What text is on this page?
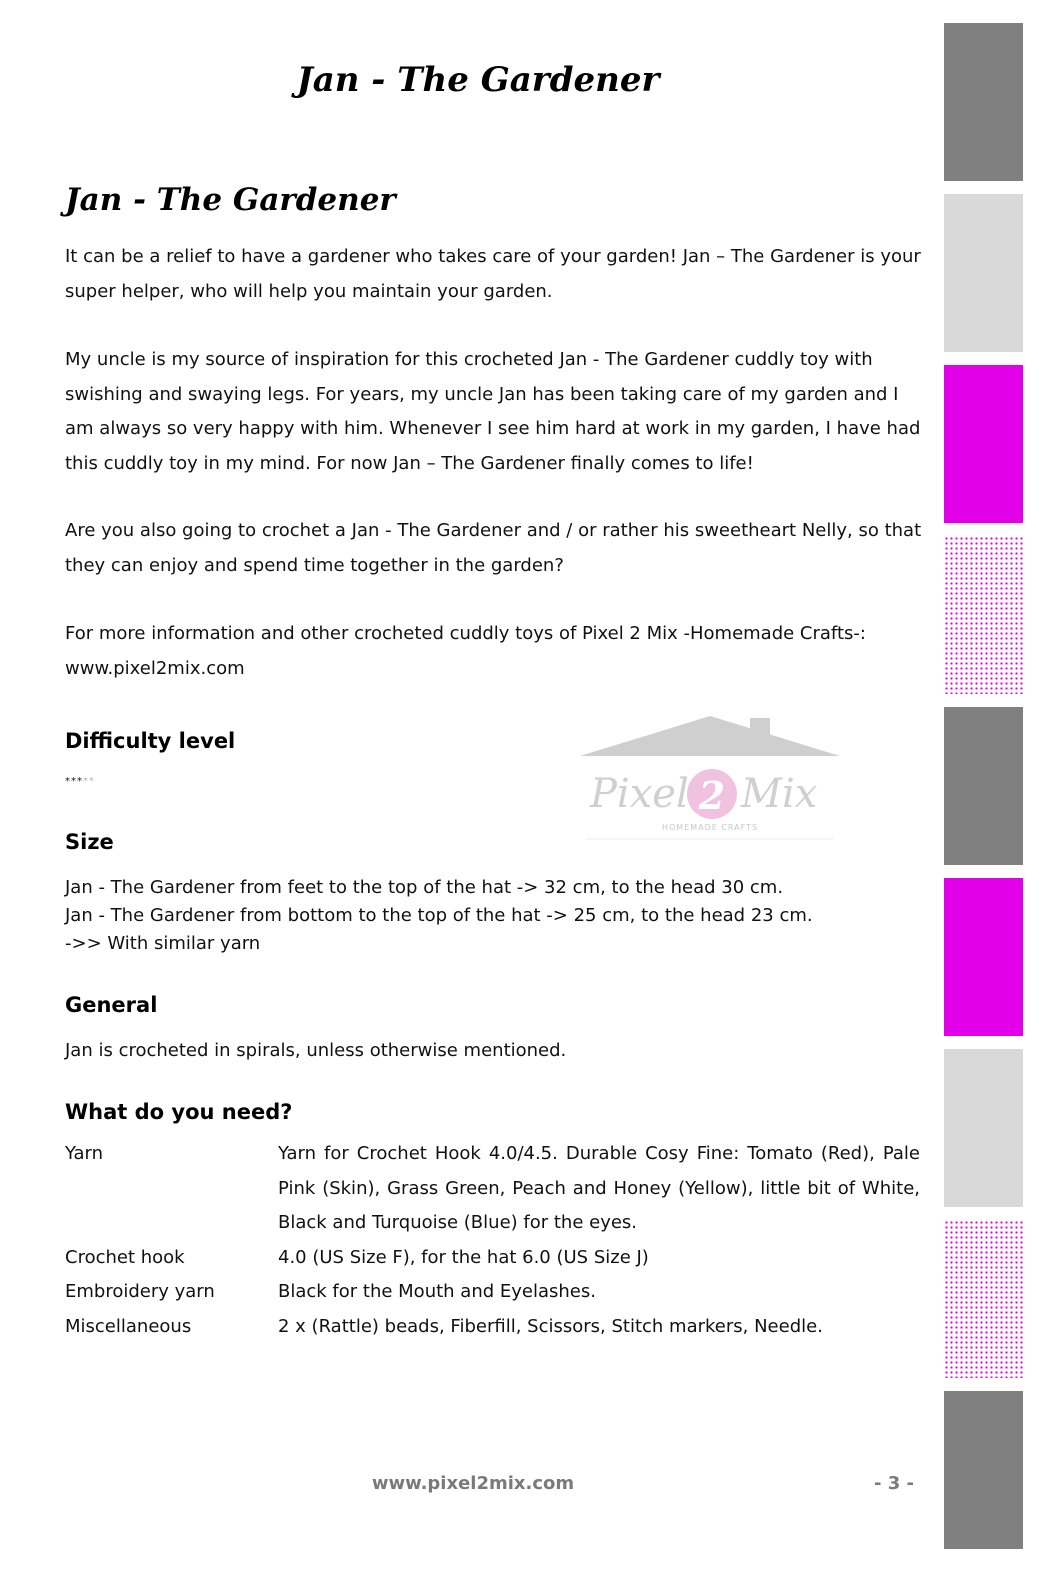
Jan - The Gardener
Jan - The Gardener

It can be a relief to have a gardener who takes care of your garden! Jan – The Gardener is your super helper, who will help you maintain your garden.

My uncle is my source of inspiration for this crocheted Jan - The Gardener cuddly toy with swishing and swaying legs. For years, my uncle Jan has been taking care of my garden and I am always so very happy with him. Whenever I see him hard at work in my garden, I have had this cuddly toy in my mind. For now Jan – The Gardener finally comes to life!

Are you also going to crochet a Jan - The Gardener and / or rather his sweetheart Nelly, so that they can enjoy and spend time together in the garden?

For more information and other crocheted cuddly toys of Pixel 2 Mix -Homemade Crafts-: www.pixel2mix.com

Pixel 2 Mix
HOMEMADE CRAFTS
Difficulty level
*****
Size
Jan - The Gardener from feet to the top of the hat -> 32 cm, to the head 30 cm.
Jan - The Gardener from bottom to the top of the hat -> 25 cm, to the head 23 cm.
->> With similar yarn
General

Jan is crocheted in spirals, unless otherwise mentioned.

What do you need?
Yarn	Yarn for Crochet Hook 4.0/4.5. Durable Cosy Fine: Tomato (Red), Pale Pink (Skin), Grass Green, Peach and Honey (Yellow), little bit of White, Black and Turquoise (Blue) for the eyes.
Crochet hook	4.0 (US Size F), for the hat 6.0 (US Size J)
Embroidery yarn	Black for the Mouth and Eyelashes.
Miscellaneous	2 x (Rattle) beads, Fiberfill, Scissors, Stitch markers, Needle.
www.pixel2mix.com	- 3 -
